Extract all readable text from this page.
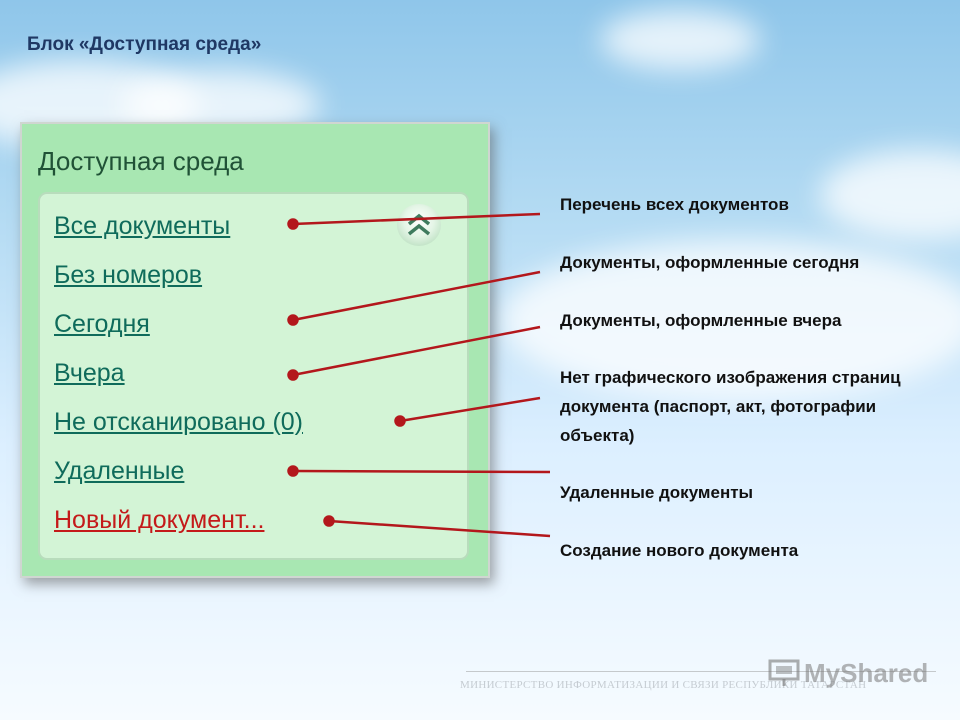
Блок «Доступная среда»
Доступная среда
Все документы
Без номеров
Сегодня
Вчера
Не отсканировано (0)
Удаленные
Новый документ...

Перечень всех документов

Документы, оформленные сегодня

Документы, оформленные вчера

Нет графического изображения страниц документа (паспорт, акт, фотографии объекта)

Удаленные документы

Создание нового документа

МИНИСТЕРСТВО ИНФОРМАТИЗАЦИИ И СВЯЗИ РЕСПУБЛИКИ ТАТАРСТАН
MyShared
